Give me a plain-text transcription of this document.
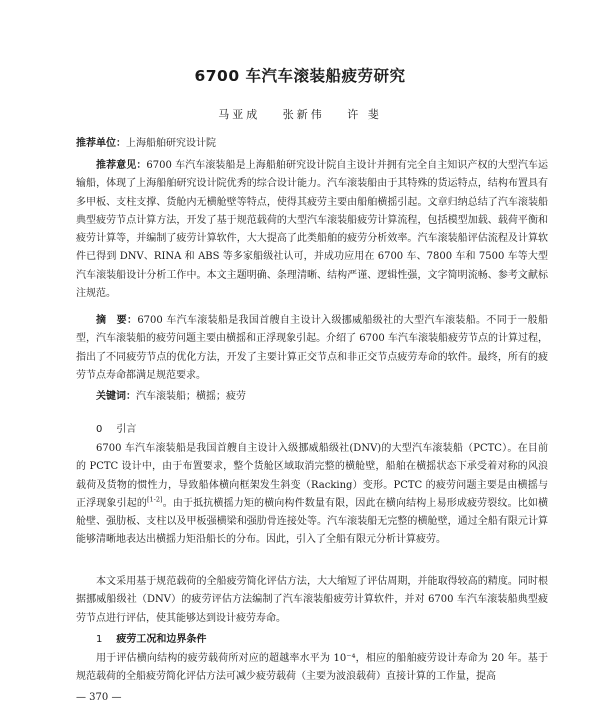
6700 车汽车滚装船疲劳研究
马亚成 张新伟 许 斐

推荐单位：上海船舶研究设计院

推荐意见：6700 车汽车滚装船是上海船舶研究设计院自主设计并拥有完全自主知识产权的大型汽车运输船，体现了上海船舶研究设计院优秀的综合设计能力。汽车滚装船由于其特殊的货运特点，结构布置具有多甲板、支柱支撑、货舱内无横舱壁等特点，使得其疲劳主要由船舶横摇引起。文章归纳总结了汽车滚装船典型疲劳节点计算方法，开发了基于规范载荷的大型汽车滚装船疲劳计算流程，包括模型加载、载荷平衡和疲劳计算等，并编制了疲劳计算软件，大大提高了此类船舶的疲劳分析效率。汽车滚装船评估流程及计算软件已得到 DNV、RINA 和 ABS 等多家船级社认可，并成功应用在 6700 车、7800 车和 7500 车等大型汽车滚装船设计分析工作中。本文主题明确、条理清晰、结构严谨、逻辑性强，文字简明流畅、参考文献标注规范。

摘　要：6700 车汽车滚装船是我国首艘自主设计入级挪威船级社的大型汽车滚装船。不同于一般船型，汽车滚装船的疲劳问题主要由横摇和正浮现象引起。介绍了 6700 车汽车滚装船疲劳节点的计算过程，指出了不同疲劳节点的优化方法，开发了主要计算正交节点和非正交节点疲劳寿命的软件。最终，所有的疲劳节点寿命都满足规范要求。

关键词：汽车滚装船；横摇；疲劳

0 引言

6700 车汽车滚装船是我国首艘自主设计入级挪威船级社(DNV)的大型汽车滚装船（PCTC）。在目前的 PCTC 设计中，由于布置要求，整个货舱区域取消完整的横舱壁，船舶在横摇状态下承受着对称的风浪载荷及货物的惯性力，导致船体横向框架发生斜变（Racking）变形。PCTC 的疲劳问题主要是由横摇与正浮现象引起的[1-2]。由于抵抗横摇力矩的横向构件数量有限，因此在横向结构上易形成疲劳裂纹。比如横舱壁、强肋板、支柱以及甲板强横梁和强肋骨连接处等。汽车滚装船无完整的横舱壁，通过全船有限元计算能够清晰地表达出横摇力矩沿船长的分布。因此，引入了全船有限元分析计算疲劳。

本文采用基于规范载荷的全船疲劳简化评估方法，大大缩短了评估周期，并能取得较高的精度。同时根据挪威船级社（DNV）的疲劳评估方法编制了汽车滚装船疲劳计算软件，并对 6700 车汽车滚装船典型疲劳节点进行评估，使其能够达到设计疲劳寿命。

1 疲劳工况和边界条件

用于评估横向结构的疲劳载荷所对应的超越率水平为 10⁻⁴，相应的船舶疲劳设计寿命为 20 年。基于规范载荷的全船疲劳简化评估方法可减少疲劳载荷（主要为波浪载荷）直接计算的工作量，提高

— 370 —
